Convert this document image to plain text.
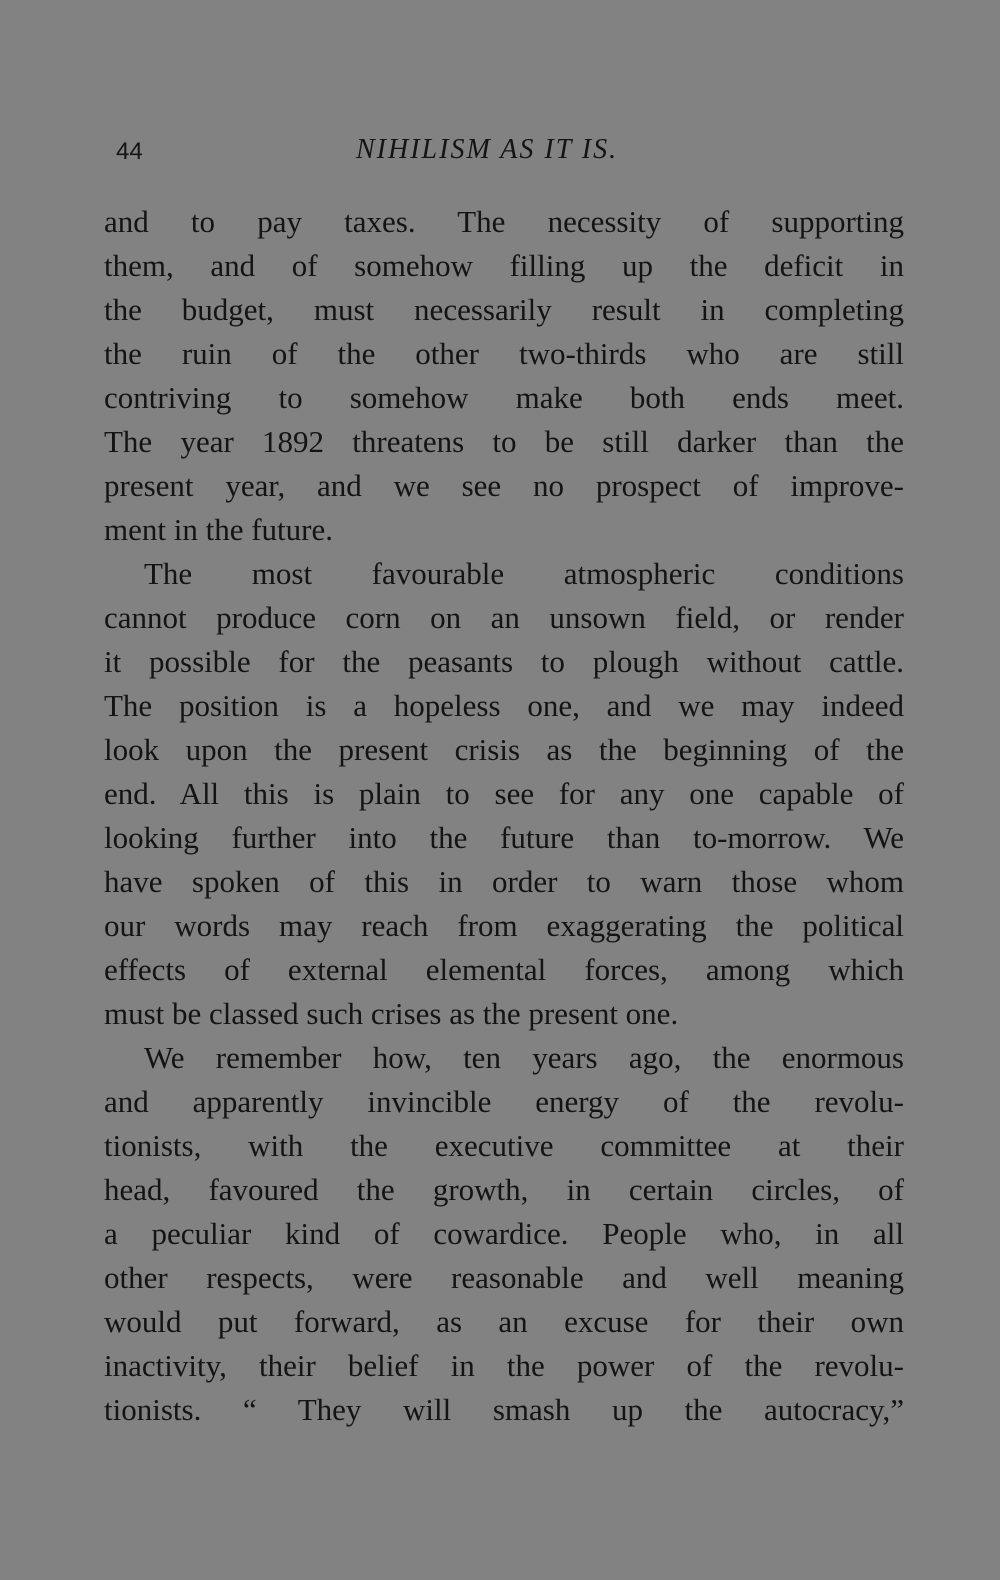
44	NIHILISM AS IT IS.
and to pay taxes. The necessity of supporting
them, and of somehow filling up the deficit in
the budget, must necessarily result in completing
the ruin of the other two-thirds who are still
contriving to somehow make both ends meet.
The year 1892 threatens to be still darker than the
present year, and we see no prospect of improve-
ment in the future.
The most favourable atmospheric conditions
cannot produce corn on an unsown field, or render
it possible for the peasants to plough without cattle.
The position is a hopeless one, and we may indeed
look upon the present crisis as the beginning of the
end. All this is plain to see for any one capable of
looking further into the future than to-morrow. We
have spoken of this in order to warn those whom
our words may reach from exaggerating the political
effects of external elemental forces, among which
must be classed such crises as the present one.
We remember how, ten years ago, the enormous
and apparently invincible energy of the revolu-
tionists, with the executive committee at their
head, favoured the growth, in certain circles, of
a peculiar kind of cowardice. People who, in all
other respects, were reasonable and well meaning
would put forward, as an excuse for their own
inactivity, their belief in the power of the revolu-
tionists. “ They will smash up the autocracy,”
